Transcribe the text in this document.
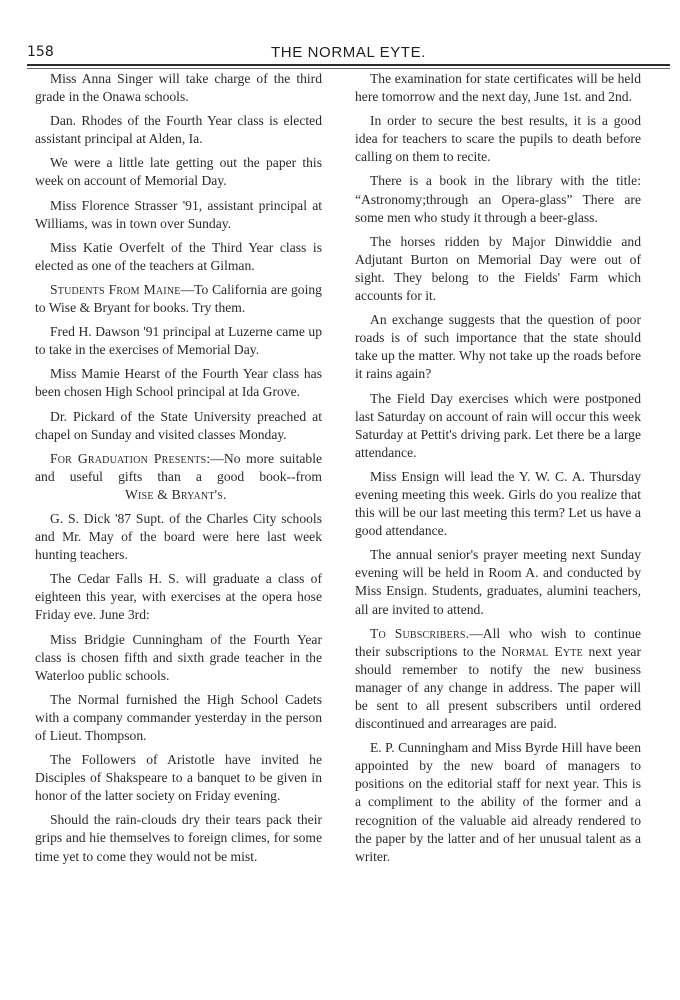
158	THE NORMAL EYTE.

Miss Anna Singer will take charge of the third grade in the Onawa schools.

Dan. Rhodes of the Fourth Year class is elected assistant principal at Alden, Ia.

We were a little late getting out the paper this week on account of Memorial Day.

Miss Florence Strasser '91, assistant principal at Williams, was in town over Sunday.

Miss Katie Overfelt of the Third Year class is elected as one of the teachers at Gilman.

Students From Maine—To California are going to Wise & Bryant for books. Try them.

Fred H. Dawson '91 principal at Luzerne came up to take in the exercises of Memorial Day.

Miss Mamie Hearst of the Fourth Year class has been chosen High School principal at Ida Grove.

Dr. Pickard of the State University preached at chapel on Sunday and visited classes Monday.

For Graduation Presents:—No more suitable and useful gifts than a good book--fromWise & Bryant's.

G. S. Dick '87 Supt. of the Charles City schools and Mr. May of the board were here last week hunting teachers.

The Cedar Falls H. S. will graduate a class of eighteen this year, with exercises at the opera hose Friday eve. June 3rd:

Miss Bridgie Cunningham of the Fourth Year class is chosen fifth and sixth grade teacher in the Waterloo public schools.

The Normal furnished the High School Cadets with a company commander yesterday in the person of Lieut. Thompson.

The Followers of Aristotle have invited he Disciples of Shakspeare to a banquet to be given in honor of the latter society on Friday evening.

Should the rain-clouds dry their tears pack their grips and hie themselves to foreign climes, for some time yet to come they would not be mist.

The examination for state certificates will be held here tomorrow and the next day, June 1st. and 2nd.

In order to secure the best results, it is a good idea for teachers to scare the pupils to death before calling on them to recite.

There is a book in the library with the title: “Astronomy;through an Opera-glass” There are some men who study it through a beer-glass.

The horses ridden by Major Dinwiddie and Adjutant Burton on Memorial Day were out of sight. They belong to the Fields' Farm which accounts for it.

An exchange suggests that the question of poor roads is of such importance that the state should take up the matter. Why not take up the roads before it rains again?

The Field Day exercises which were postponed last Saturday on account of rain will occur this week Saturday at Pettit's driving park. Let there be a large attendance.

Miss Ensign will lead the Y. W. C. A. Thursday evening meeting this week. Girls do you realize that this will be our last meeting this term? Let us have a good attendance.

The annual senior's prayer meeting next Sunday evening will be held in Room A. and conducted by Miss Ensign. Students, graduates, alumini teachers, all are invited to attend.

To Subscribers.—All who wish to continue their subscriptions to the Normal Eyte next year should remember to notify the new business manager of any change in address. The paper will be sent to all present subscribers until ordered discontinued and arrearages are paid.

E. P. Cunningham and Miss Byrde Hill have been appointed by the new board of managers to positions on the editorial staff for next year. This is a compliment to the ability of the former and a recognition of the valuable aid already rendered to the paper by the latter and of her unusual talent as a writer.
